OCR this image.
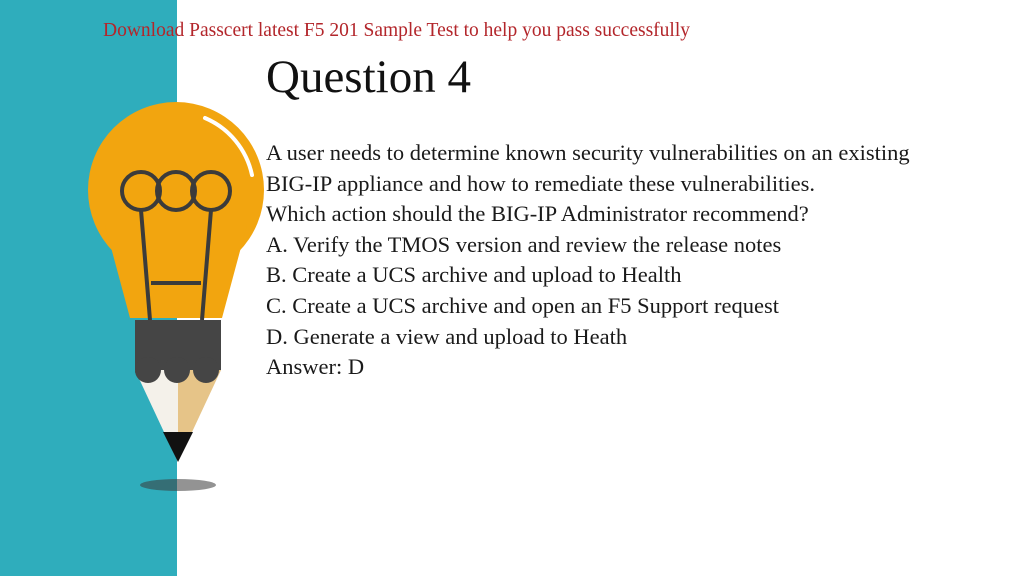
Download Passcert latest F5 201 Sample Test to help you pass successfully
Question 4
A user needs to determine known security vulnerabilities on an existing
BIG-IP appliance and how to remediate these vulnerabilities.
Which action should the BIG-IP Administrator recommend?
A. Verify the TMOS version and review the release notes
B. Create a UCS archive and upload to Health
C. Create a UCS archive and open an F5 Support request
D. Generate a view and upload to Heath
Answer: D
